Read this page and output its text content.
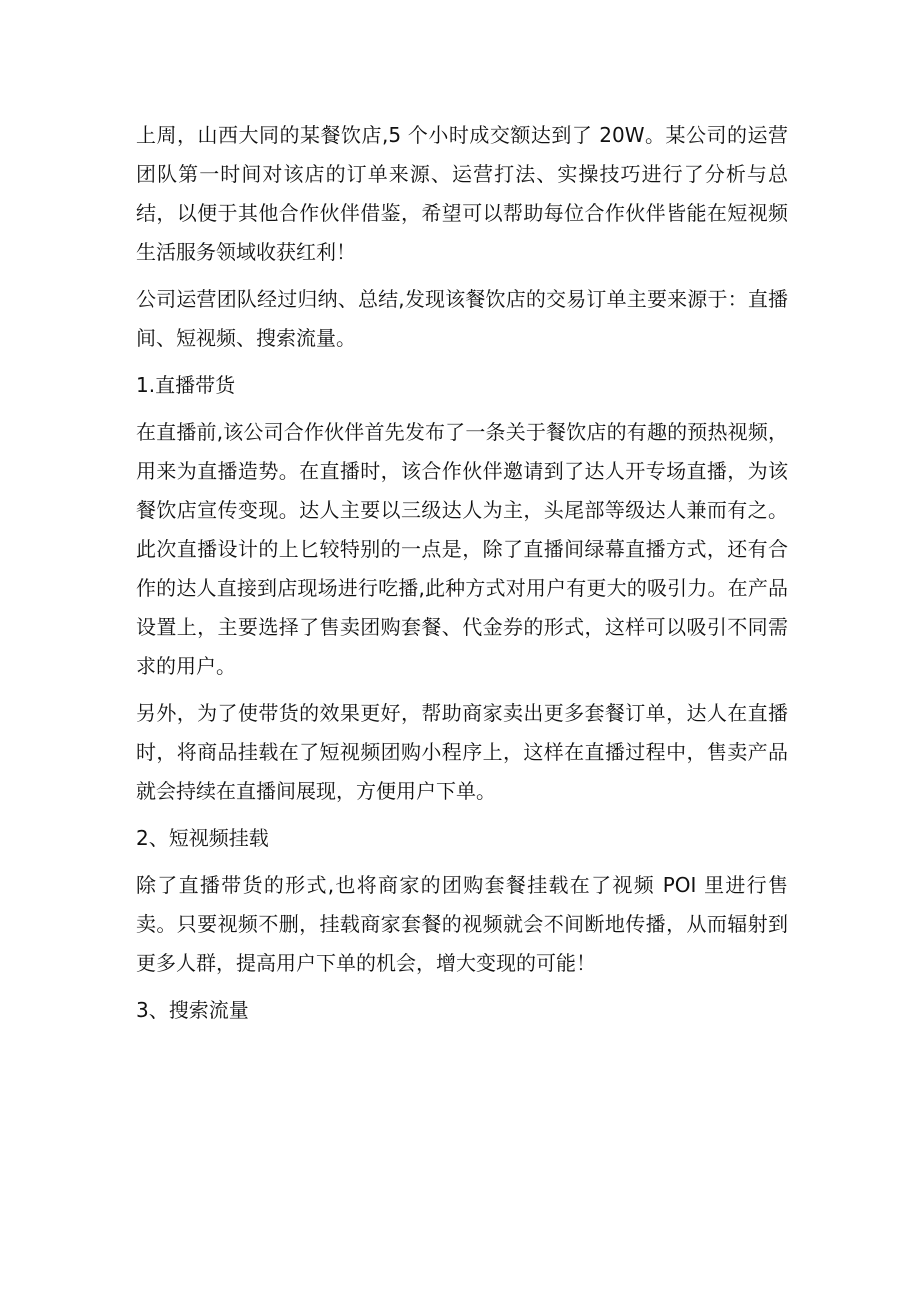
上周，山西大同的某餐饮店,5 个小时成交额达到了 20W。某公司的运营团队第一时间对该店的订单来源、运营打法、实操技巧进行了分析与总结，以便于其他合作伙伴借鉴，希望可以帮助每位合作伙伴皆能在短视频生活服务领域收获红利！

公司运营团队经过归纳、总结,发现该餐饮店的交易订单主要来源于：直播间、短视频、搜索流量。

1.直播带货

在直播前,该公司合作伙伴首先发布了一条关于餐饮店的有趣的预热视频，用来为直播造势。在直播时，该合作伙伴邀请到了达人开专场直播，为该餐饮店宣传变现。达人主要以三级达人为主，头尾部等级达人兼而有之。此次直播设计的上匕较特别的一点是，除了直播间绿幕直播方式，还有合作的达人直接到店现场进行吃播,此种方式对用户有更大的吸引力。在产品设置上，主要选择了售卖团购套餐、代金券的形式，这样可以吸引不同需求的用户。

另外，为了使带货的效果更好，帮助商家卖出更多套餐订单，达人在直播时，将商品挂载在了短视频团购小程序上，这样在直播过程中，售卖产品就会持续在直播间展现，方便用户下单。

2、短视频挂载

除了直播带货的形式,也将商家的团购套餐挂载在了视频 POI 里进行售卖。只要视频不删，挂载商家套餐的视频就会不间断地传播，从而辐射到更多人群，提高用户下单的机会，增大变现的可能！

3、搜索流量
